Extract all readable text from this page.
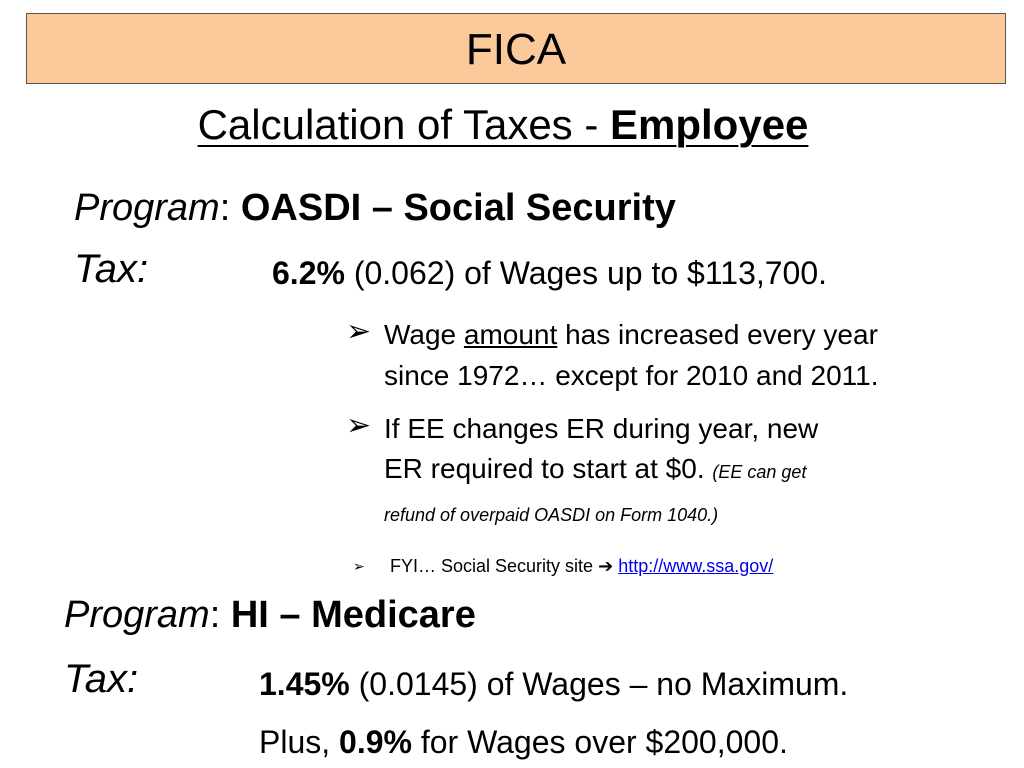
FICA
Calculation of Taxes - Employee
Program: OASDI – Social Security
Tax:	6.2% (0.062) of Wages up to $113,700.
➢ Wage amount has increased every year
since 1972… except for 2010 and 2011.
➢ If EE changes ER during year, new
ER required to start at $0. (EE can get
refund of overpaid OASDI on Form 1040.)
➢ FYI… Social Security site ➔ http://www.ssa.gov/
Program: HI – Medicare
Tax:	1.45% (0.0145) of Wages – no Maximum.
Plus, 0.9% for Wages over $200,000.
